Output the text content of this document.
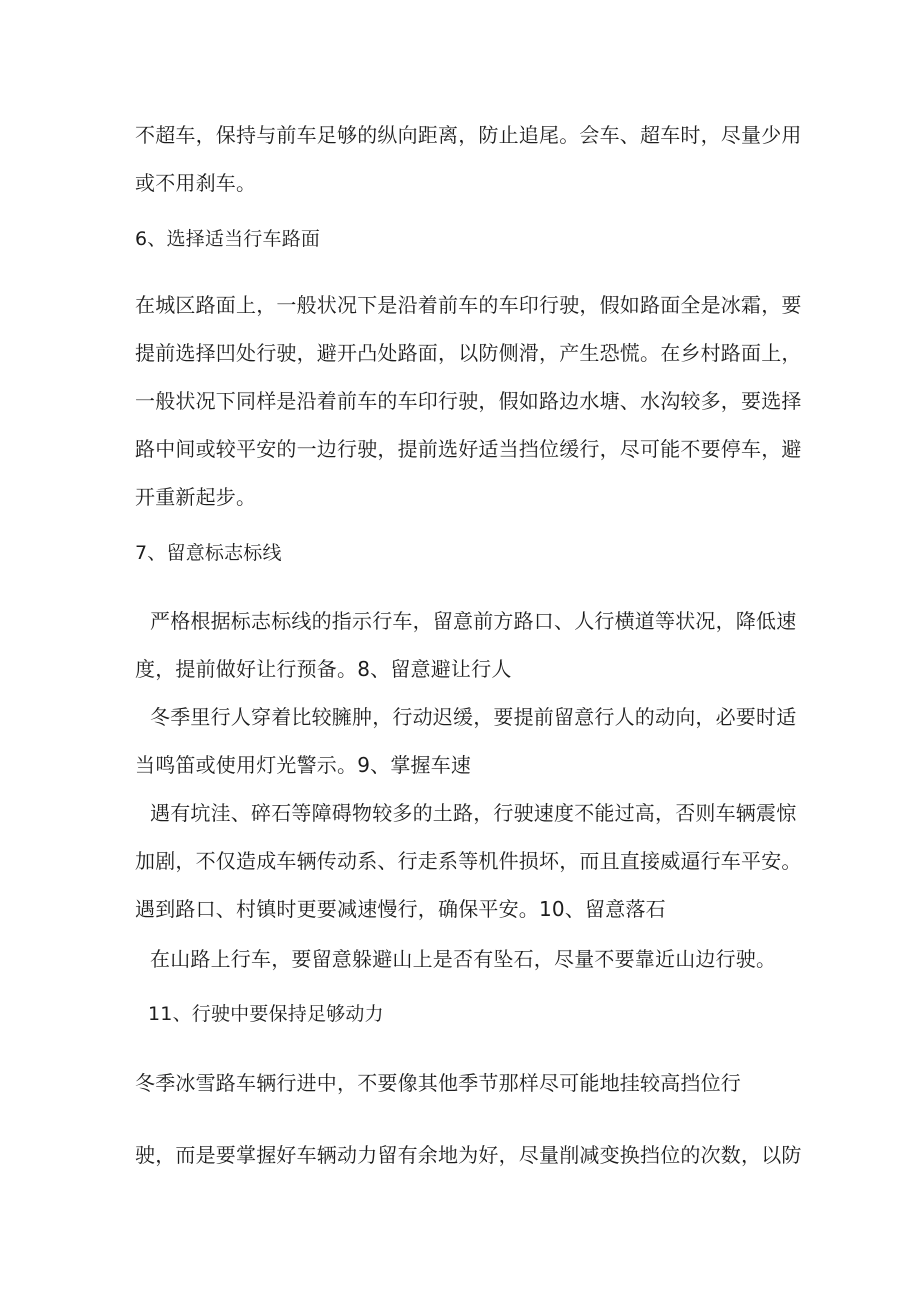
不超车，保持与前车足够的纵向距离，防止追尾。会车、超车时，尽量少用
或不用刹车。
6、选择适当行车路面
在城区路面上，一般状况下是沿着前车的车印行驶，假如路面全是冰霜，要
提前选择凹处行驶，避开凸处路面，以防侧滑，产生恐慌。在乡村路面上，
一般状况下同样是沿着前车的车印行驶，假如路边水塘、水沟较多，要选择
路中间或较平安的一边行驶，提前选好适当挡位缓行，尽可能不要停车，避
开重新起步。
7、留意标志标线
严格根据标志标线的指示行车，留意前方路口、人行横道等状况，降低速
度，提前做好让行预备。8、留意避让行人
冬季里行人穿着比较臃肿，行动迟缓，要提前留意行人的动向，必要时适
当鸣笛或使用灯光警示。9、掌握车速
遇有坑洼、碎石等障碍物较多的土路，行驶速度不能过高，否则车辆震惊
加剧，不仅造成车辆传动系、行走系等机件损坏，而且直接威逼行车平安。
遇到路口、村镇时更要减速慢行，确保平安。10、留意落石
在山路上行车，要留意躲避山上是否有坠石，尽量不要靠近山边行驶。
11、行驶中要保持足够动力
冬季冰雪路车辆行进中，不要像其他季节那样尽可能地挂较高挡位行
驶，而是要掌握好车辆动力留有余地为好，尽量削减变换挡位的次数，以防
